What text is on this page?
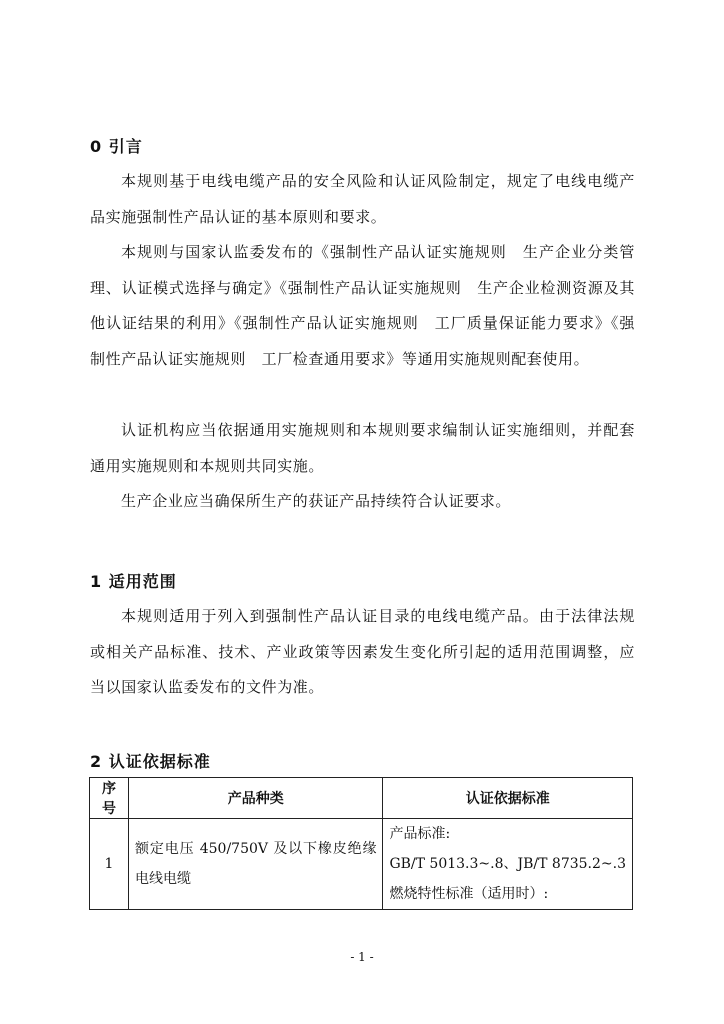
0 引言

本规则基于电线电缆产品的安全风险和认证风险制定，规定了电线电缆产品实施强制性产品认证的基本原则和要求。

本规则与国家认监委发布的《强制性产品认证实施规则　生产企业分类管理、认证模式选择与确定》《强制性产品认证实施规则　生产企业检测资源及其他认证结果的利用》《强制性产品认证实施规则　工厂质量保证能力要求》《强制性产品认证实施规则　工厂检查通用要求》等通用实施规则配套使用。

认证机构应当依据通用实施规则和本规则要求编制认证实施细则，并配套通用实施规则和本规则共同实施。

生产企业应当确保所生产的获证产品持续符合认证要求。

1 适用范围

本规则适用于列入到强制性产品认证目录的电线电缆产品。由于法律法规或相关产品标准、技术、产业政策等因素发生变化所引起的适用范围调整，应当以国家认监委发布的文件为准。

2 认证依据标准
序号	产品种类	认证依据标准
1	额定电压 450/750V 及以下橡皮绝缘电线电缆	产品标准:
GB/T 5013.3~.8、JB/T 8735.2~.3
燃烧特性标准（适用时）:
- 1 -
